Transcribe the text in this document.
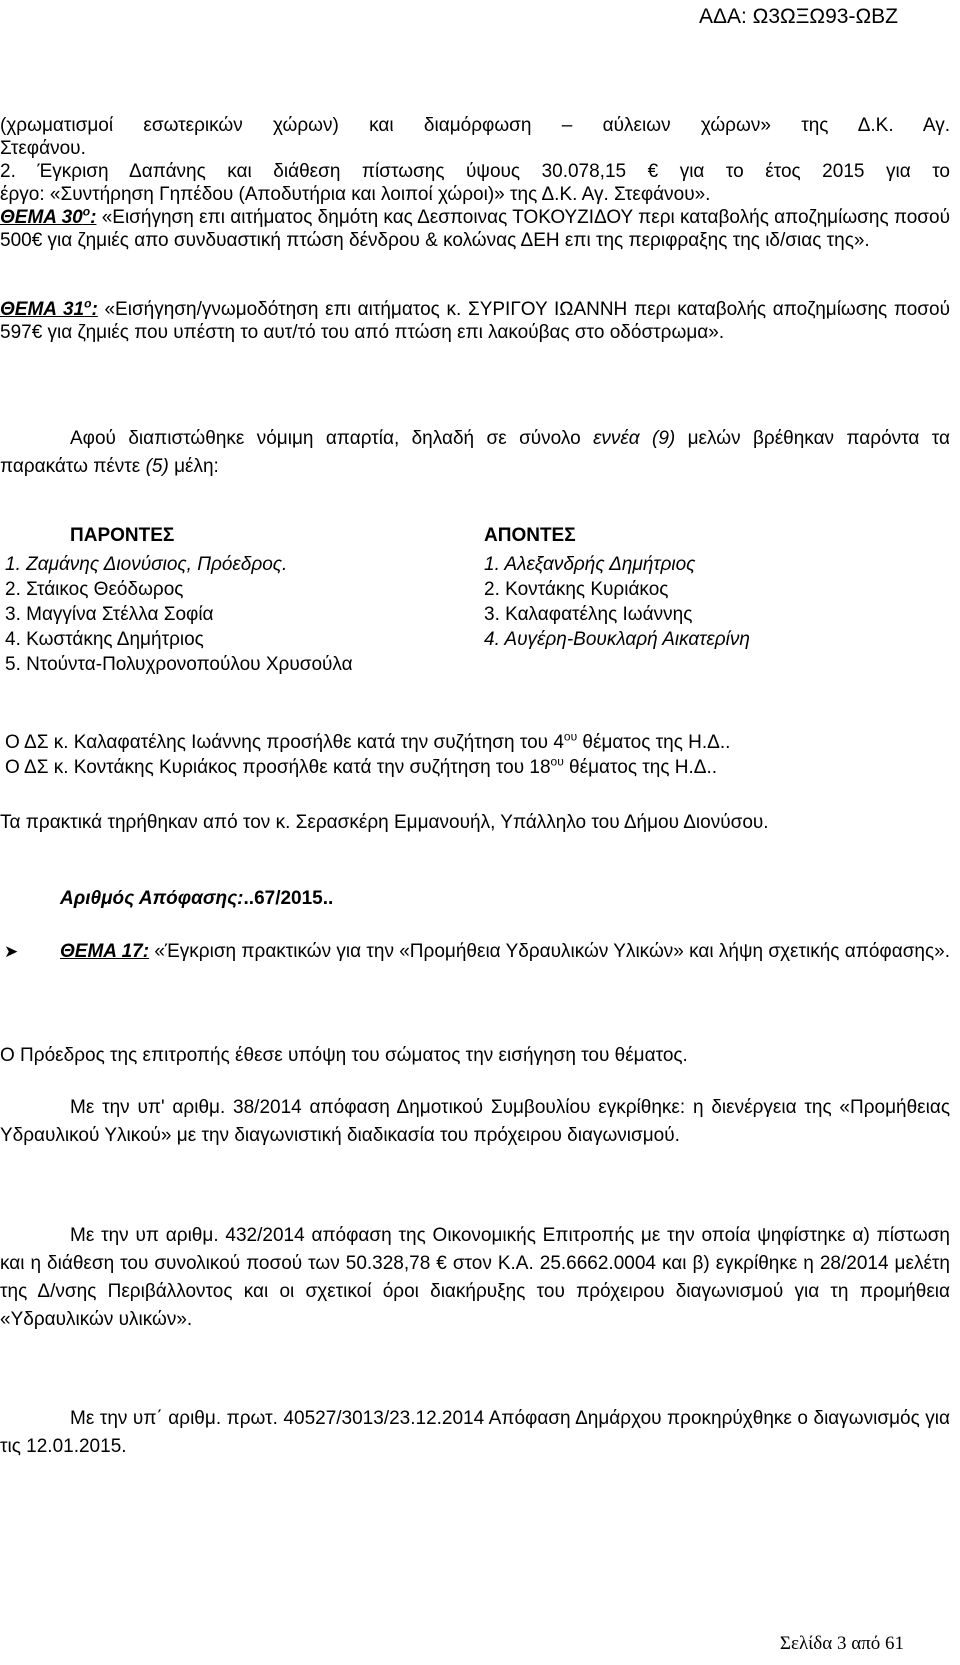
ΑΔΑ: Ω3ΩΞΩ93-ΩΒΖ
(χρωματισμοί εσωτερικών χώρων) και διαμόρφωση – αύλειων χώρων» της Δ.Κ. Αγ.
Στεφάνου.
2. Έγκριση Δαπάνης και διάθεση πίστωσης ύψους 30.078,15 € για το έτος 2015 για το
έργο: «Συντήρηση Γηπέδου (Αποδυτήρια και λοιποί χώροι)» της Δ.Κ. Αγ. Στεφάνου».
ΘΕΜΑ $30^o$: «Εισήγηση επι αιτήματος δημότη κας Δεσποινας ΤΟΚΟΥΖΙΔΟΥ περι καταβολής αποζημίωσης ποσού 500€ για ζημιές απο συνδυαστική πτώση δένδρου & κολώνας ΔΕΗ επι της περιφραξης της ιδ/σιας της».
ΘΕΜΑ $31^o$: «Εισήγηση/γνωμοδότηση επι αιτήματος κ. ΣΥΡΙΓΟΥ ΙΩΑΝΝΗ περι καταβολής αποζημίωσης ποσού 597€ για ζημιές που υπέστη το αυτ/τό του από πτώση επι λακούβας στο οδόστρωμα».
Αφού διαπιστώθηκε νόμιμη απαρτία, δηλαδή σε σύνολο εννέα (9) μελών βρέθηκαν παρόντα τα παρακάτω πέντε (5) μέλη:
ΠΑΡΟΝΤΕΣ	ΑΠΟΝΤΕΣ
1. Ζαμάνης Διονύσιος, Πρόεδρος.
2. Στάικος Θεόδωρος
3. Μαγγίνα Στέλλα Σοφία
4. Κωστάκης Δημήτριος
5. Ντούντα-Πολυχρονοπούλου Χρυσούλα
1. Αλεξανδρής Δημήτριος
2. Κοντάκης Κυριάκος
3. Καλαφατέλης Ιωάννης
4. Αυγέρη-Βουκλαρή Αικατερίνη
Ο ΔΣ κ. Καλαφατέλης Ιωάννης προσήλθε κατά την συζήτηση του $4^{o\upsilon}$ θέματος της Η.Δ..
Ο ΔΣ κ. Κοντάκης Κυριάκος προσήλθε κατά την συζήτηση του $18^{o\upsilon}$ θέματος της Η.Δ..
Τα πρακτικά τηρήθηκαν από τον κ. Σερασκέρη Εμμανουήλ, Υπάλληλο του Δήμου Διονύσου.
Αριθμός Απόφασης:..67/2015..
➤ ΘΕΜΑ 17: «Έγκριση πρακτικών για την «Προμήθεια Υδραυλικών Υλικών» και λήψη σχετικής απόφασης».
Ο Πρόεδρος της επιτροπής έθεσε υπόψη του σώματος την εισήγηση του θέματος.
Με την υπ' αριθμ. 38/2014 απόφαση Δημοτικού Συμβουλίου εγκρίθηκε: η διενέργεια της «Προμήθειας Υδραυλικού Υλικού» με την διαγωνιστική διαδικασία του πρόχειρου διαγωνισμού.
Με την υπ αριθμ. 432/2014 απόφαση της Οικονομικής Επιτροπής με την οποία ψηφίστηκε α) πίστωση και η διάθεση του συνολικού ποσού των 50.328,78 € στον Κ.Α. 25.6662.0004 και β) εγκρίθηκε η 28/2014 μελέτη της Δ/νσης Περιβάλλοντος και οι σχετικοί όροι διακήρυξης του πρόχειρου διαγωνισμού για τη προμήθεια «Υδραυλικών υλικών».
Με την υπ΄ αριθμ. πρωτ. 40527/3013/23.12.2014 Απόφαση Δημάρχου προκηρύχθηκε ο διαγωνισμός για τις 12.01.2015.
Σελίδα 3 από 61
